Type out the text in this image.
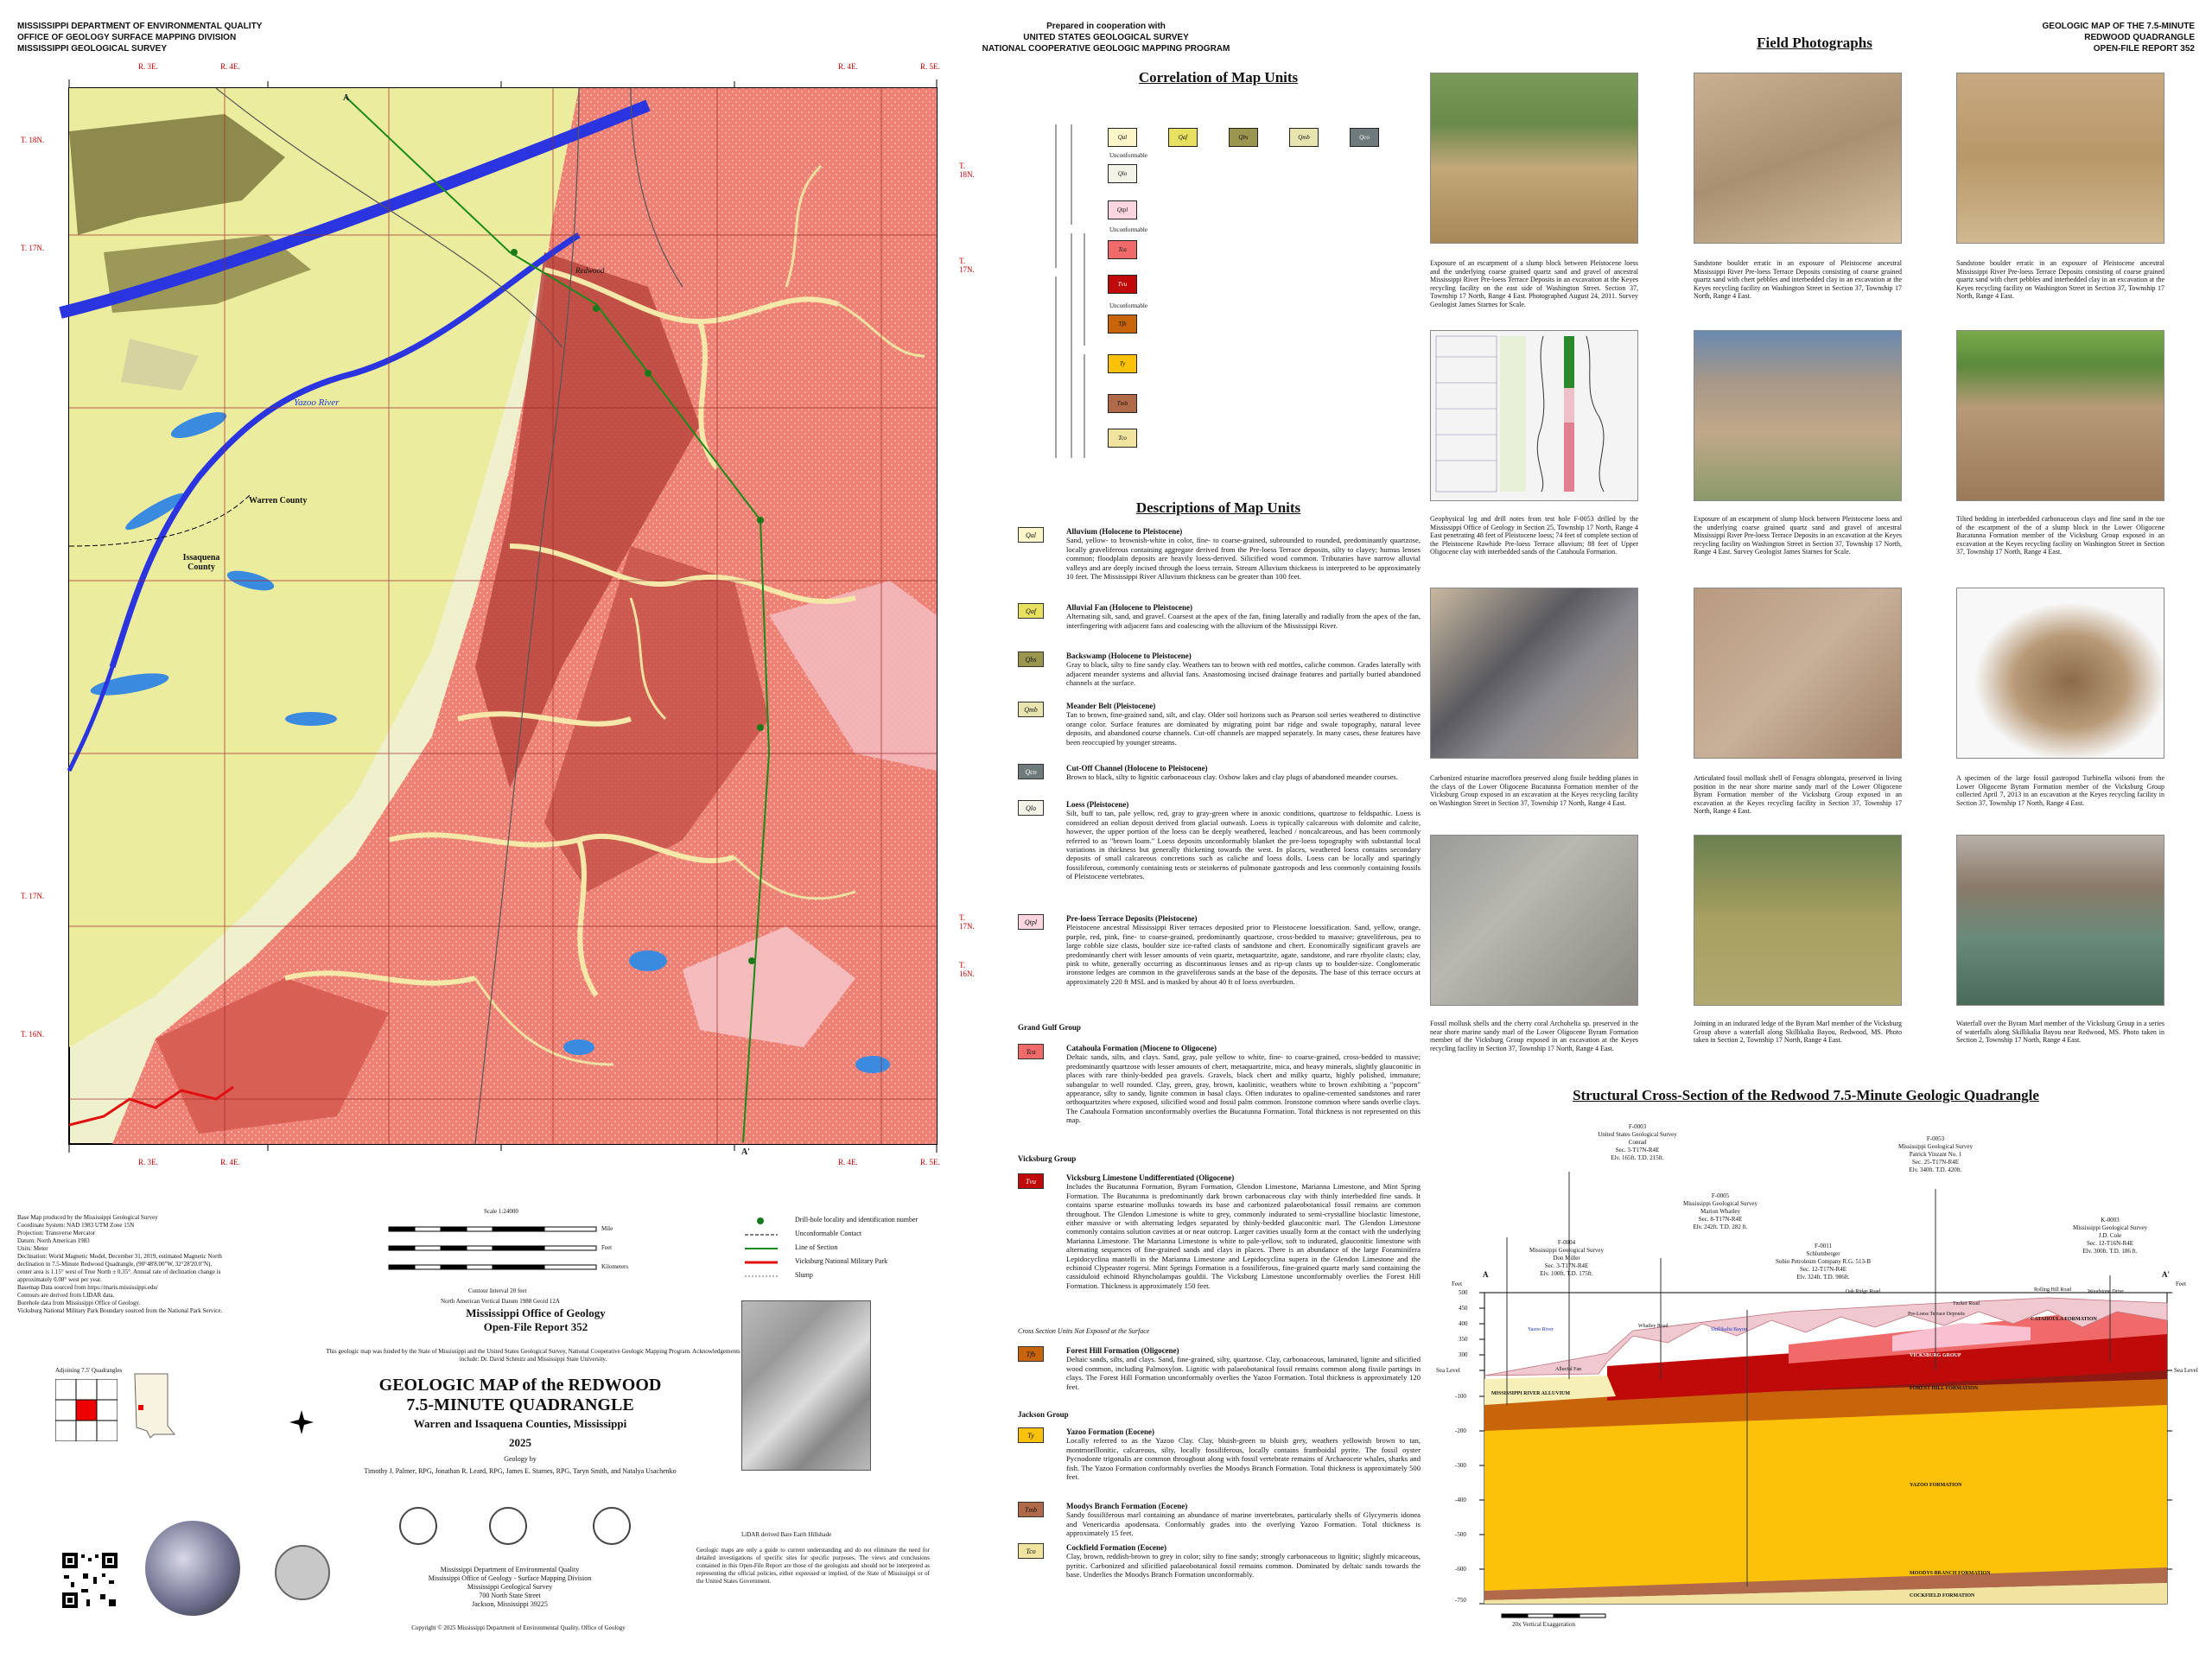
MISSISSIPPI DEPARTMENT OF ENVIRONMENTAL QUALITY
OFFICE OF GEOLOGY SURFACE MAPPING DIVISION
MISSISSIPPI GEOLOGICAL SURVEY
Prepared in cooperation with
UNITED STATES GEOLOGICAL SURVEY
NATIONAL COOPERATIVE GEOLOGIC MAPPING PROGRAM
GEOLOGIC MAP OF THE 7.5-MINUTE
REDWOOD QUADRANGLE
OPEN-FILE REPORT 352
A
A'
Yazoo River
Warren County
Issaquena County
Redwood
R. 3E.	R. 4E.	R. 4E.	R. 5E.
R. 3E.	R. 4E.	R. 4E.	R. 5E.
T. 18N.
T. 17N.
T. 17N.
T. 16N.
T. 18N.
T. 17N.
T. 17N.
T. 16N.
Base Map produced by the Mississippi Geological Survey
Coordinate System: NAD 1983 UTM Zone 15N
Projection: Transverse Mercator
Datum: North American 1983
Units: Meter
Declination: World Magnetic Model, December 31, 2019, estimated Magnetic North
declination in 7.5-Minute Redwood Quadrangle, (90°48'8.00"W, 32°28'20.0"N),
center area is 1.15° west of True North ± 0.35°. Annual rate of declination change is
approximately 0.08° west per year.
Basemap Data sourced from https://maris.mississippi.edu/
Contours are derived from LIDAR data.
Borehole data from Mississippi Office of Geology.
Vicksburg National Military Park Boundary sourced from the National Park Service.
Adjoining 7.5' Quadrangles
Scale 1:24000
Mile
Feet
Kilometers
Contour Interval 20 feet
North American Vertical Datum 1988 Geoid 12A
Drill-hole locality and identification number
Unconformable Contact
Line of Section
Vicksburg National Military Park
Slump
Mississippi Office of Geology
Open-File Report 352
This geologic map was funded by the State of Mississippi and the United States Geological Survey, National Cooperative Geologic Mapping Program. Acknowledgements include: Dr. David Schmitz and Mississippi State University.
GEOLOGIC MAP of the REDWOOD
7.5-MINUTE QUADRANGLE
Warren and Issaquena Counties, Mississippi
2025
Geology by
Timothy J. Palmer, RPG, Jonathan R. Leard, RPG, James E. Starnes, RPG, Taryn Smith, and Natalya Usachenko
Mississippi Department of Environmental Quality
Mississippi Office of Geology - Surface Mapping Division
Mississippi Geological Survey
700 North State Street
Jackson, Mississippi 39225
Copyright © 2025 Mississippi Department of Environmental Quality, Office of Geology
LiDAR derived Bare Earth Hillshade
Geologic maps are only a guide to current understanding and do not eliminate the need for detailed investigations of specific sites for specific purposes. The views and conclusions contained in this Open-File Report are those of the geologists and should not be interpreted as representing the official policies, either expressed or implied, of the State of Mississippi or of the United States Government.
Correlation of Map Units
Qal	Qaf	Qbs	Qmb	Qco
Qlo
Qtpl
Tca
Tvu
Tfh
Ty
Tmb
Tco
Unconformable
Unconformable
Unconformable
Descriptions of Map Units
Qal	Alluvium (Holocene to Pleistocene)
Sand, yellow- to brownish-white in color, fine- to coarse-grained, subrounded to rounded, predominantly quartzose, locally graveliferous containing aggregate derived from the Pre-loess Terrace deposits, silty to clayey; humus lenses common; floodplain deposits are heavily loess-derived. Silicified wood common. Tributaries have narrow alluvial valleys and are deeply incised through the loess terrain. Stream Alluvium thickness is interpreted to be approximately 10 feet. The Mississippi River Alluvium thickness can be greater than 100 feet.
Qaf	Alluvial Fan (Holocene to Pleistocene)
Alternating silt, sand, and gravel. Coarsest at the apex of the fan, fining laterally and radially from the apex of the fan, interfingering with adjacent fans and coalescing with the alluvium of the Mississippi River.
Qbs	Backswamp (Holocene to Pleistocene)
Gray to black, silty to fine sandy clay. Weathers tan to brown with red mottles, caliche common. Grades laterally with adjacent meander systems and alluvial fans. Anastomosing incised drainage features and partially buried abandoned channels at the surface.
Qmb	Meander Belt (Pleistocene)
Tan to brown, fine-grained sand, silt, and clay. Older soil horizons such as Pearson soil series weathered to distinctive orange color. Surface features are dominated by migrating point bar ridge and swale topography, natural levee deposits, and abandoned course channels. Cut-off channels are mapped separately. In many cases, these features have been reoccupied by younger streams.
Qco	Cut-Off Channel (Holocene to Pleistocene)
Brown to black, silty to lignitic carbonaceous clay. Oxbow lakes and clay plugs of abandoned meander courses.
Qlo	Loess (Pleistocene)
Silt, buff to tan, pale yellow, red, gray to gray-green where in anoxic conditions, quartzose to feldspathic. Loess is considered an eolian deposit derived from glacial outwash. Loess is typically calcareous with dolomite and calcite, however, the upper portion of the loess can be deeply weathered, leached / noncalcareous, and has been commonly referred to as "brown loam." Loess deposits unconformably blanket the pre-loess topography with substantial local variations in thickness but generally thickening towards the west. In places, weathered loess contains secondary deposits of small calcareous concretions such as caliche and loess dolls. Loess can be locally and sparingly fossiliferous, commonly containing tests or steinkerns of pulmonate gastropods and less commonly containing fossils of Pleistocene vertebrates.
Qtpl	Pre-loess Terrace Deposits (Pleistocene)
Pleistocene ancestral Mississippi River terraces deposited prior to Pleistocene loessification. Sand, yellow, orange, purple, red, pink, fine- to coarse-grained, predominantly quartzose, cross-bedded to massive; graveliferous, pea to large cobble size clasts, boulder size ice-rafted clasts of sandstone and chert. Economically significant gravels are predominantly chert with lesser amounts of vein quartz, metaquartzite, agate, sandstone, and rare rhyolite clasts; clay, pink to white, generally occurring as discontinuous lenses and as rip-up clasts up to boulder-size. Conglomeratic ironstone ledges are common in the graveliferous sands at the base of the deposits. The base of this terrace occurs at approximately 220 ft MSL and is masked by about 40 ft of loess overburden.
Grand Gulf Group
Tca	Catahoula Formation (Miocene to Oligocene)
Deltaic sands, silts, and clays. Sand, gray, pale yellow to white, fine- to coarse-grained, cross-bedded to massive; predominantly quartzose with lesser amounts of chert, metaquartzite, mica, and heavy minerals, slightly glauconitic in places with rare thinly-bedded pea gravels. Gravels, black chert and milky quartz, highly polished, immature; subangular to well rounded. Clay, green, gray, brown, kaolinitic, weathers white to brown exhibiting a "popcorn" appearance, silty to sandy, lignite common in basal clays. Often indurates to opaline-cemented sandstones and rarer orthoquartzites where exposed, silicified wood and fossil palm common. Ironstone common where sands overlie clays. The Catahoula Formation unconformably overlies the Bucatunna Formation. Total thickness is not represented on this map.
Vicksburg Group
Tvu	Vicksburg Limestone Undifferentiated (Oligocene)
Includes the Bucatunna Formation, Byram Formation, Glendon Limestone, Marianna Limestone, and Mint Spring Formation. The Bucatunna is predominantly dark brown carbonaceous clay with thinly interbedded fine sands. It contains sparse estuarine mollusks towards its base and carbonized palaeobotanical fossil remains are common throughout. The Glendon Limestone is white to grey, commonly indurated to semi-crystalline bioclastic limestone, either massive or with alternating ledges separated by thinly-bedded glauconitic marl. The Glendon Limestone commonly contains solution cavities at or near outcrop. Larger cavities usually form at the contact with the underlying Marianna Limestone. The Marianna Limestone is white to pale-yellow, soft to indurated, glauconitic limestone with alternating sequences of fine-grained sands and clays in places. There is an abundance of the large Foraminifera Lepidocyclina mantelli in the Marianna Limestone and Lepidocyclina supera in the Glendon Limestone and the echinoid Clypeaster rogersi. Mint Springs Formation is a fossiliferous, fine-grained quartz marly sand containing the cassiduloid echinoid Rhyncholampas gouldii. The Vicksburg Limestone unconformably overlies the Forest Hill Formation. Thickness is approximately 150 feet.
Cross Section Units Not Exposed at the Surface
Tfh	Forest Hill Formation (Oligocene)
Deltaic sands, silts, and clays. Sand, fine-grained, silty, quartzose. Clay, carbonaceous, laminated, lignite and silicified wood common, including Palmoxylon. Lignitic with palaeobotanical fossil remains common along fissile partings in clays. The Forest Hill Formation unconformably overlies the Yazoo Formation. Total thickness is approximately 120 feet.
Jackson Group
Ty	Yazoo Formation (Eocene)
Locally referred to as the Yazoo Clay. Clay, bluish-green to bluish grey, weathers yellowish brown to tan, montmorillonitic, calcareous, silty, locally fossiliferous, locally contains framboidal pyrite. The fossil oyster Pycnodonte trigonalis are common throughout along with fossil vertebrate remains of Archaeocete whales, sharks and fish. The Yazoo Formation conformably overlies the Moodys Branch Formation. Total thickness is approximately 500 feet.
Tmb	Moodys Branch Formation (Eocene)
Sandy fossiliferous marl containing an abundance of marine invertebrates, particularly shells of Glycymeris idonea and Venericardia apodensata. Conformably grades into the overlying Yazoo Formation. Total thickness is approximately 15 feet.
Tco	Cockfield Formation (Eocene)
Clay, brown, reddish-brown to grey in color; silty to fine sandy; strongly carbonaceous to lignitic; slightly micaceous, pyritic. Carbonized and silicified palaeobotanical fossil remains common. Dominated by deltaic sands towards the base. Underlies the Moodys Branch Formation unconformably.
Field Photographs
Exposure of an escarpment of a slump block between Pleistocene loess and the underlying coarse grained quartz sand and gravel of ancestral Mississippi River Pre-loess Terrace Deposits in an excavation at the Keyes recycling facility on the east side of Washington Street. Section 37, Township 17 North, Range 4 East. Photographed August 24, 2011. Survey Geologist James Starnes for Scale.
Sandstone boulder erratic in an exposure of Pleistocene ancestral Mississippi River Pre-loess Terrace Deposits consisting of coarse grained quartz sand with chert pebbles and interbedded clay in an excavation at the Keyes recycling facility on Washington Street in Section 37, Township 17 North, Range 4 East.
Sandstone boulder erratic in an exposure of Pleistocene ancestral Mississippi River Pre-loess Terrace Deposits consisting of coarse grained quartz sand with chert pebbles and interbedded clay in an excavation at the Keyes recycling facility on Washington Street in Section 37, Township 17 North, Range 4 East.
Geophysical log and drill notes from test hole F-0053 drilled by the Mississippi Office of Geology in Section 25, Township 17 North, Range 4 East penetrating 48 feet of Pleistocene loess; 74 feet of complete section of the Pleistocene Rawhide Pre-loess Terrace alluvium; 88 feet of Upper Oligocene clay with interbedded sands of the Catahoula Formation.
Exposure of an escarpment of slump block between Pleistocene loess and the underlying coarse grained quartz sand and gravel of ancestral Mississippi River Pre-loess Terrace Deposits in an excavation at the Keyes recycling facility on Washington Street in Section 37, Township 17 North, Range 4 East. Survey Geologist James Starnes for Scale.
Tilted bedding in interbedded carbonaceous clays and fine sand in the toe of the escarpment of the of a slump block in the Lower Oligocene Bucatunna Formation member of the Vicksburg Group exposed in an excavation at the Keyes recycling facility on Washington Street in Section 37, Township 17 North, Range 4 East.
Carbonized estuarine macroflora preserved along fissile bedding planes in the clays of the Lower Oligocene Bucatunna Formation member of the Vicksburg Group exposed in an excavation at the Keyes recycling facility on Washington Street in Section 37, Township 17 North, Range 4 East.
Articulated fossil mollusk shell of Fenagra oblongata, preserved in living position in the near shore marine sandy marl of the Lower Oligocene Byram Formation member of the Vicksburg Group exposed in an excavation at the Keyes recycling facility in Section 37, Township 17 North, Range 4 East.
A specimen of the large fossil gastropod Turbinella wilsoni from the Lower Oligocene Byram Formation member of the Vicksburg Group collected April 7, 2013 in an excavation at the Keyes recycling facility in Section 37, Township 17 North, Range 4 East.
Fossil mollusk shells and the cherry coral Archohelia sp. preserved in the near shore marine sandy marl of the Lower Oligocene Byram Formation member of the Vicksburg Group exposed in an excavation at the Keyes recycling facility in Section 37, Township 17 North, Range 4 East.
Jointing in an indurated ledge of the Byram Marl member of the Vicksburg Group above a waterfall along Skillikalia Bayou, Redwood, MS. Photo taken in Section 2, Township 17 North, Range 4 East.
Waterfall over the Byram Marl member of the Vicksburg Group in a series of waterfalls along Skillikalia Bayou near Redwood, MS. Photo taken in Section 2, Township 17 North, Range 4 East.
Structural Cross-Section of the Redwood 7.5-Minute Geologic Quadrangle
F-0004
Mississippi Geological Survey
Don Miller
Sec. 3-T17N-R4E
Elv. 100ft. T.D. 175ft.
F-0003
United States Geological Survey
Conrad
Sec. 3-T17N-R4E
Elv. 165ft. T.D. 215ft.
F-0005
Mississippi Geological Survey
Marion Whatley
Sec. 8-T17N-R4E
Elv. 242ft. T.D. 282 ft.
F-0011
Schlumberger
Sohio Petroleum Company R.G. 513-B
Sec. 12-T17N-R4E
Elv. 324ft. T.D. 986ft.
F-0053
Mississippi Geological Survey
Patrick Vinzant No. 1
Sec. 25-T17N-R4E
Elv. 340ft. T.D. 420ft.
K-0003
Mississippi Geological Survey
J.D. Cole
Sec. 12-T16N-R4E
Elv. 300ft. T.D. 186 ft.
Feet	Feet
Sea Level	Sea Level
500
450
400
350
300
-100
-200
-300
-400
-500
-600
-750
MISSISSIPPI RIVER ALLUVIUM
CATAHOULA FORMATION
VICKSBURG GROUP
FOREST HILL FORMATION
YAZOO FORMATION
MOODYS BRANCH FORMATION
COCKFIELD FORMATION
20x Vertical Exaggeration
A	A'
Yazoo River
Alluvial Fan
Whatley Road
Skillikalia Bayou
Oak Ridge Road
Tucker Road
Pre-Loess Terrace Deposits
Rolling Hill Road	Woodstone Drive
